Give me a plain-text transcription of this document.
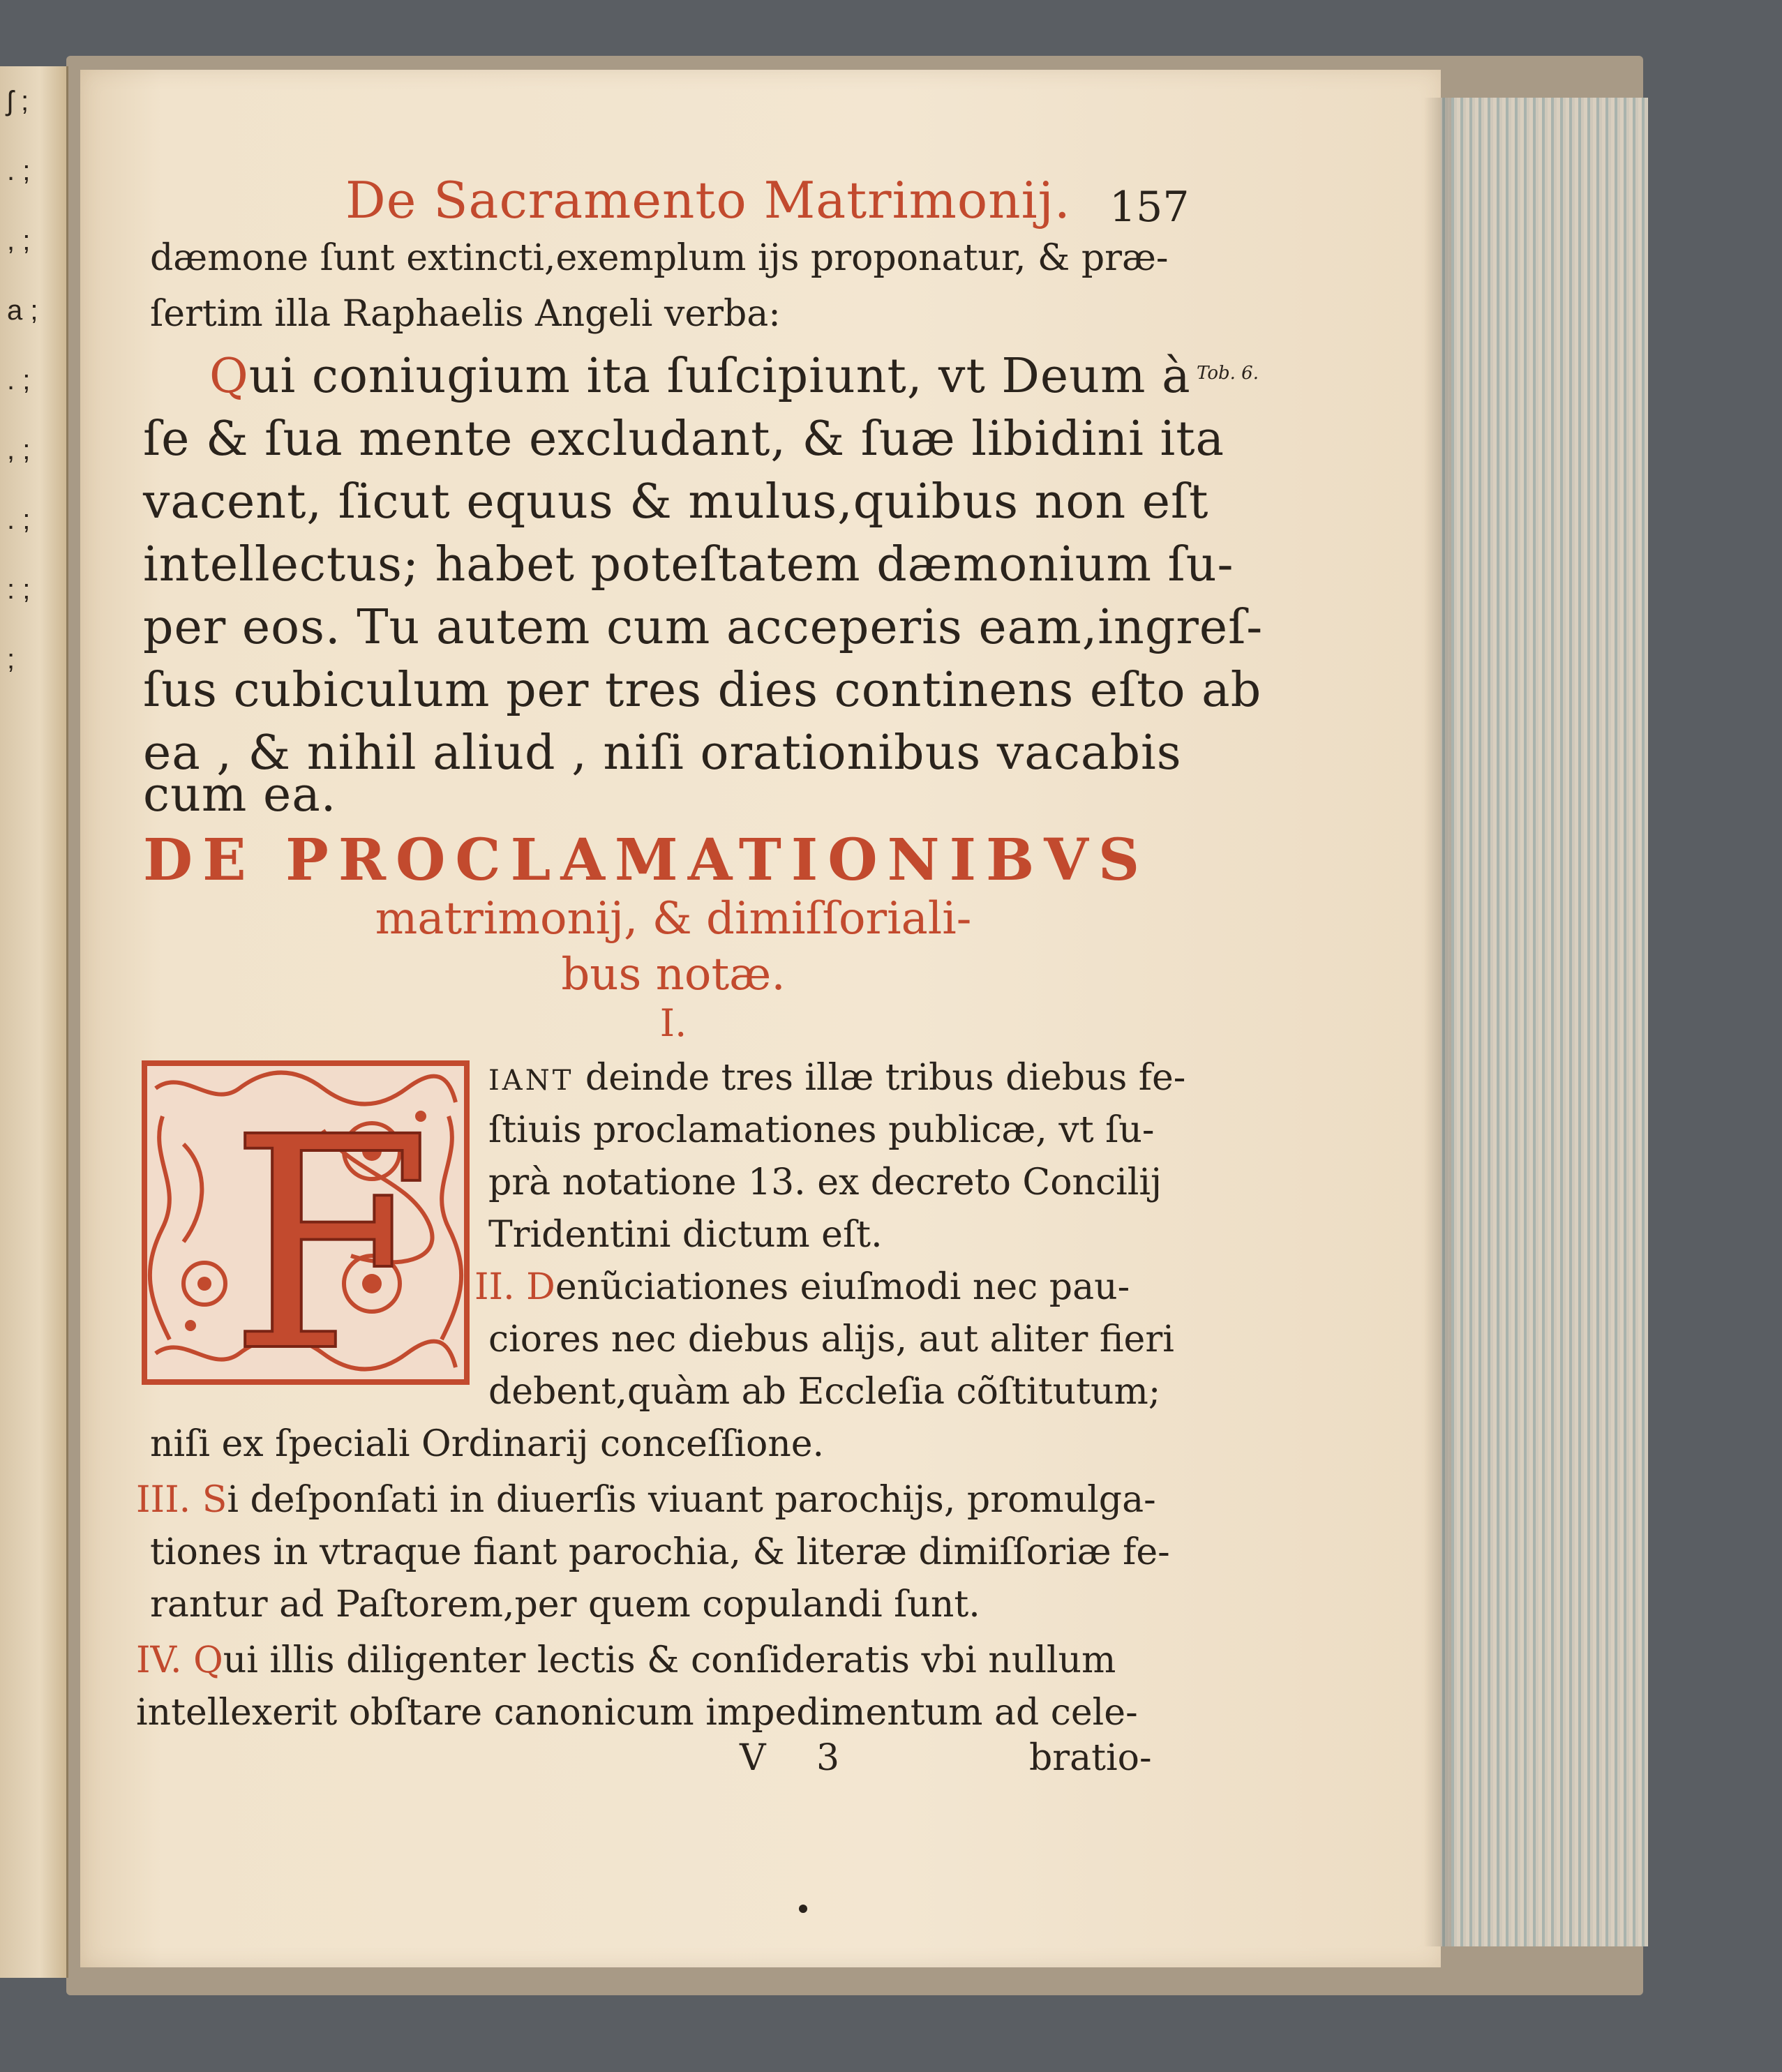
ʃ ; . ; , ; a ; . ; , ; . ; : ; ;
De Sacramento Matrimonij. 157
Tob. 6.
dæmone ſunt extincti,exemplum ijs proponatur, & præ-
ſertim illa Raphaelis Angeli verba:
Qui coniugium ita ſuſcipiunt, vt Deum à
ſe & ſua mente excludant, & ſuæ libidini ita
vacent, ſicut equus & mulus,quibus non eſt
intellectus; habet poteſtatem dæmonium ſu-
per eos. Tu autem cum acceperis eam,ingreſ-
ſus cubiculum per tres dies continens eſto ab
ea , & nihil aliud , niſi orationibus vacabis
cum ea.
DE PROCLAMATIONIBVS
matrimonij, & dimiſſoriali-
bus notæ.
I.
F IANT deinde tres illæ tribus diebus fe-
ſtiuis proclamationes publicæ, vt ſu-
prà notatione 13. ex decreto Concilij
Tridentini dictum eſt.
II. Denũciationes eiuſmodi nec pau-
ciores nec diebus alijs, aut aliter fieri
debent,quàm ab Eccleſia cõſtitutum;
niſi ex ſpeciali Ordinarij conceſſione.
III. Si deſponſati in diuerſis viuant parochijs, promulga-
tiones in vtraque fiant parochia, & literæ dimiſſoriæ fe-
rantur ad Paſtorem,per quem copulandi ſunt.
IV. Qui illis diligenter lectis & conſideratis vbi nullum
intellexerit obſtare canonicum impedimentum ad cele-
V 3	bratio-
